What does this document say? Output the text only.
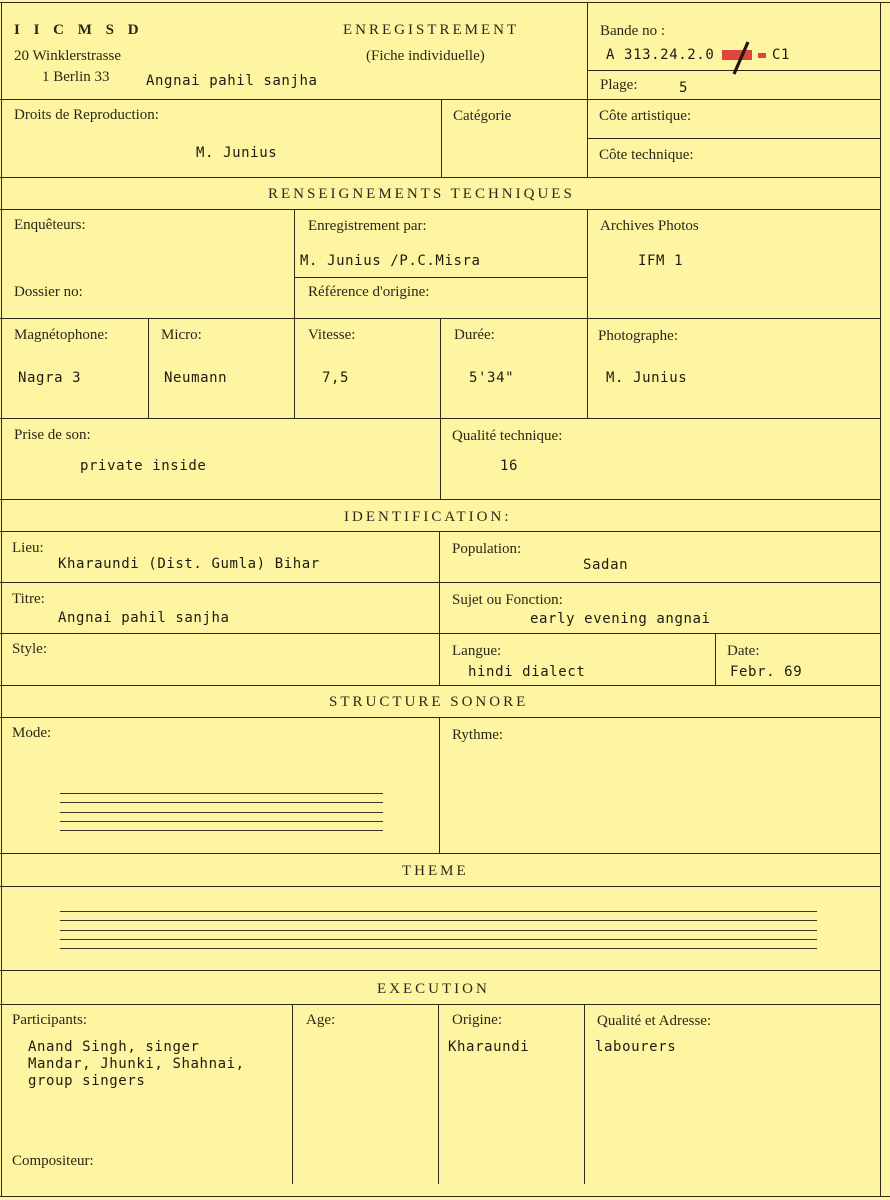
I I C M S D
20 Winklerstrasse
1 Berlin 33	Angnai pahil sanjha
ENREGISTREMENT
(Fiche individuelle)
Bande no :
A 313.24.2.0	C1
Plage:	5
Droits de Reproduction:
M. Junius
Catégorie	Côte artistique:
Côte technique:
RENSEIGNEMENTS TECHNIQUES
Enquêteurs:
Dossier no:
Enregistrement par:
M. Junius /P.C.Misra
Référence d'origine:
Archives Photos
IFM 1
Magnétophone:
Nagra 3
Micro:
Neumann
Vitesse:
7,5
Durée:
5'34"
Photographe:
M. Junius
Prise de son:
private inside
Qualité technique:
16
IDENTIFICATION:
Lieu:
Kharaundi (Dist. Gumla) Bihar
Population:
Sadan
Titre:
Angnai pahil sanjha
Sujet ou Fonction:
early evening angnai
Style:	Langue:
hindi dialect
Date:
Febr. 69
STRUCTURE SONORE
Mode:	Rythme:
THEME
EXECUTION
Participants:
Anand Singh, singer
Mandar, Jhunki, Shahnai,
group singers
Age:	Origine:
Kharaundi
Qualité et Adresse:
labourers
Compositeur:
